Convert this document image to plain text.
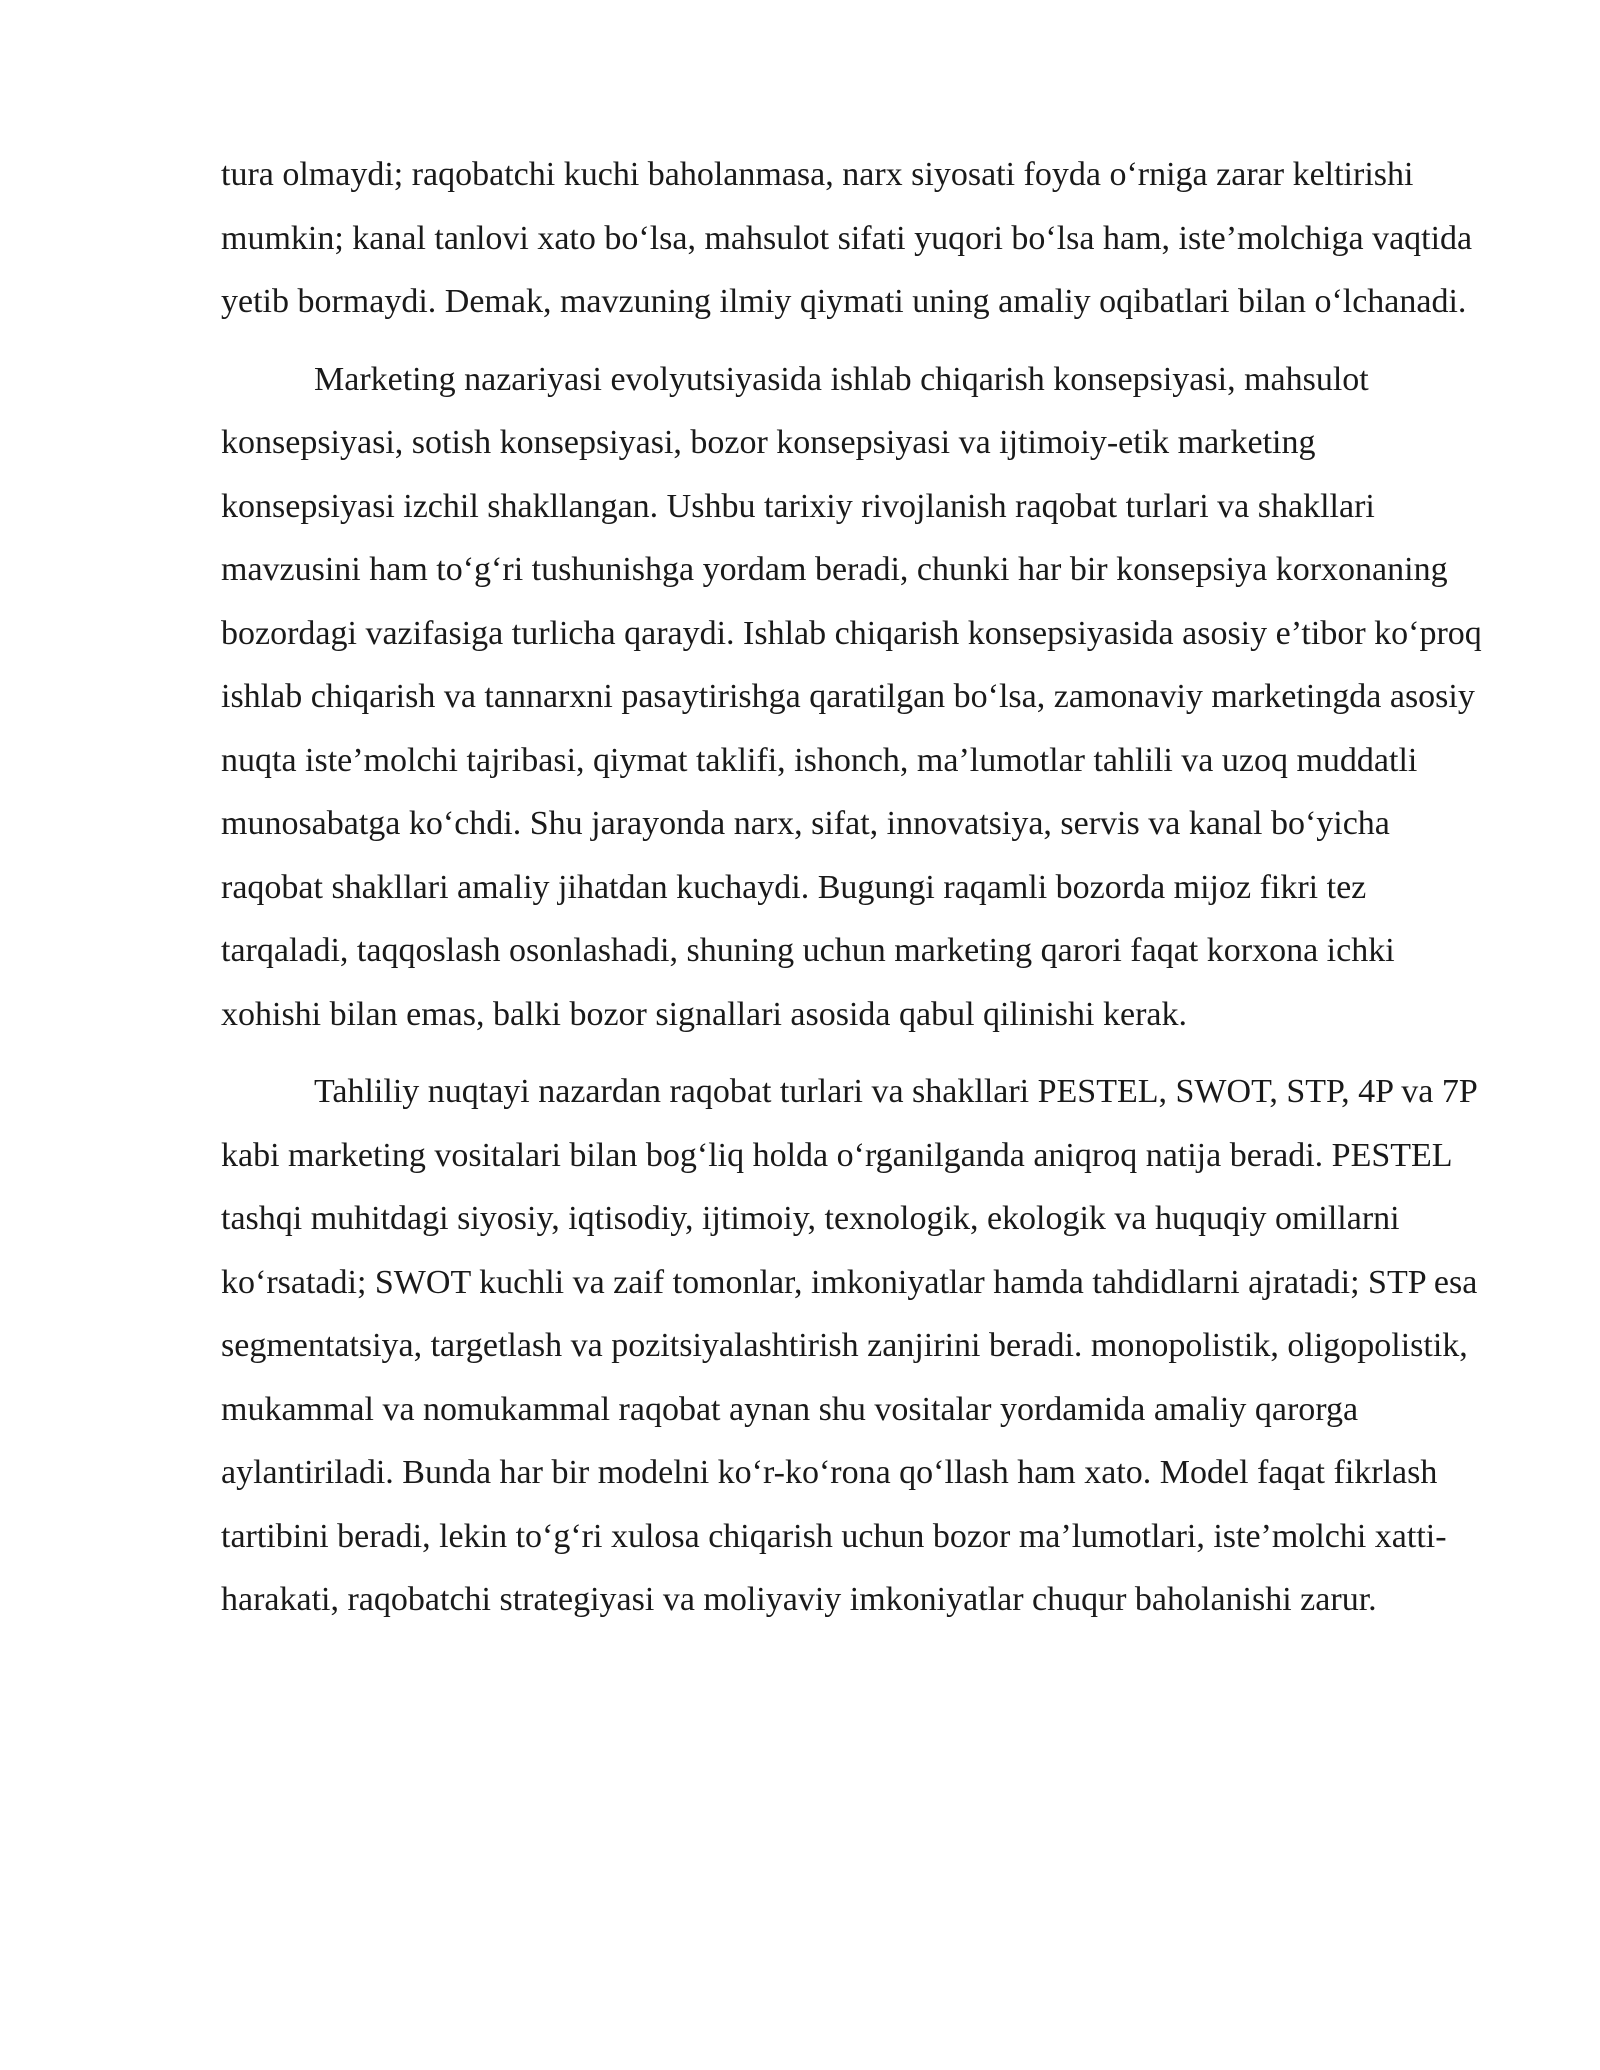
tura olmaydi; raqobatchi kuchi baholanmasa, narx siyosati foyda o‘rniga zarar keltirishi mumkin; kanal tanlovi xato bo‘lsa, mahsulot sifati yuqori bo‘lsa ham, iste’molchiga vaqtida yetib bormaydi. Demak, mavzuning ilmiy qiymati uning amaliy oqibatlari bilan o‘lchanadi.

Marketing nazariyasi evolyutsiyasida ishlab chiqarish konsepsiyasi, mahsulot konsepsiyasi, sotish konsepsiyasi, bozor konsepsiyasi va ijtimoiy-etik marketing konsepsiyasi izchil shakllangan. Ushbu tarixiy rivojlanish raqobat turlari va shakllari mavzusini ham to‘g‘ri tushunishga yordam beradi, chunki har bir konsepsiya korxonaning bozordagi vazifasiga turlicha qaraydi. Ishlab chiqarish konsepsiyasida asosiy e’tibor ko‘proq ishlab chiqarish va tannarxni pasaytirishga qaratilgan bo‘lsa, zamonaviy marketingda asosiy nuqta iste’molchi tajribasi, qiymat taklifi, ishonch, ma’lumotlar tahlili va uzoq muddatli munosabatga ko‘chdi. Shu jarayonda narx, sifat, innovatsiya, servis va kanal bo‘yicha raqobat shakllari amaliy jihatdan kuchaydi. Bugungi raqamli bozorda mijoz fikri tez tarqaladi, taqqoslash osonlashadi, shuning uchun marketing qarori faqat korxona ichki xohishi bilan emas, balki bozor signallari asosida qabul qilinishi kerak.

Tahliliy nuqtayi nazardan raqobat turlari va shakllari PESTEL, SWOT, STP, 4P va 7P kabi marketing vositalari bilan bog‘liq holda o‘rganilganda aniqroq natija beradi. PESTEL tashqi muhitdagi siyosiy, iqtisodiy, ijtimoiy, texnologik, ekologik va huquqiy omillarni ko‘rsatadi; SWOT kuchli va zaif tomonlar, imkoniyatlar hamda tahdidlarni ajratadi; STP esa segmentatsiya, targetlash va pozitsiyalashtirish zanjirini beradi. monopolistik, oligopolistik, mukammal va nomukammal raqobat aynan shu vositalar yordamida amaliy qarorga aylantiriladi. Bunda har bir modelni ko‘r-ko‘rona qo‘llash ham xato. Model faqat fikrlash tartibini beradi, lekin to‘g‘ri xulosa chiqarish uchun bozor ma’lumotlari, iste’molchi xatti-harakati, raqobatchi strategiyasi va moliyaviy imkoniyatlar chuqur baholanishi zarur.
